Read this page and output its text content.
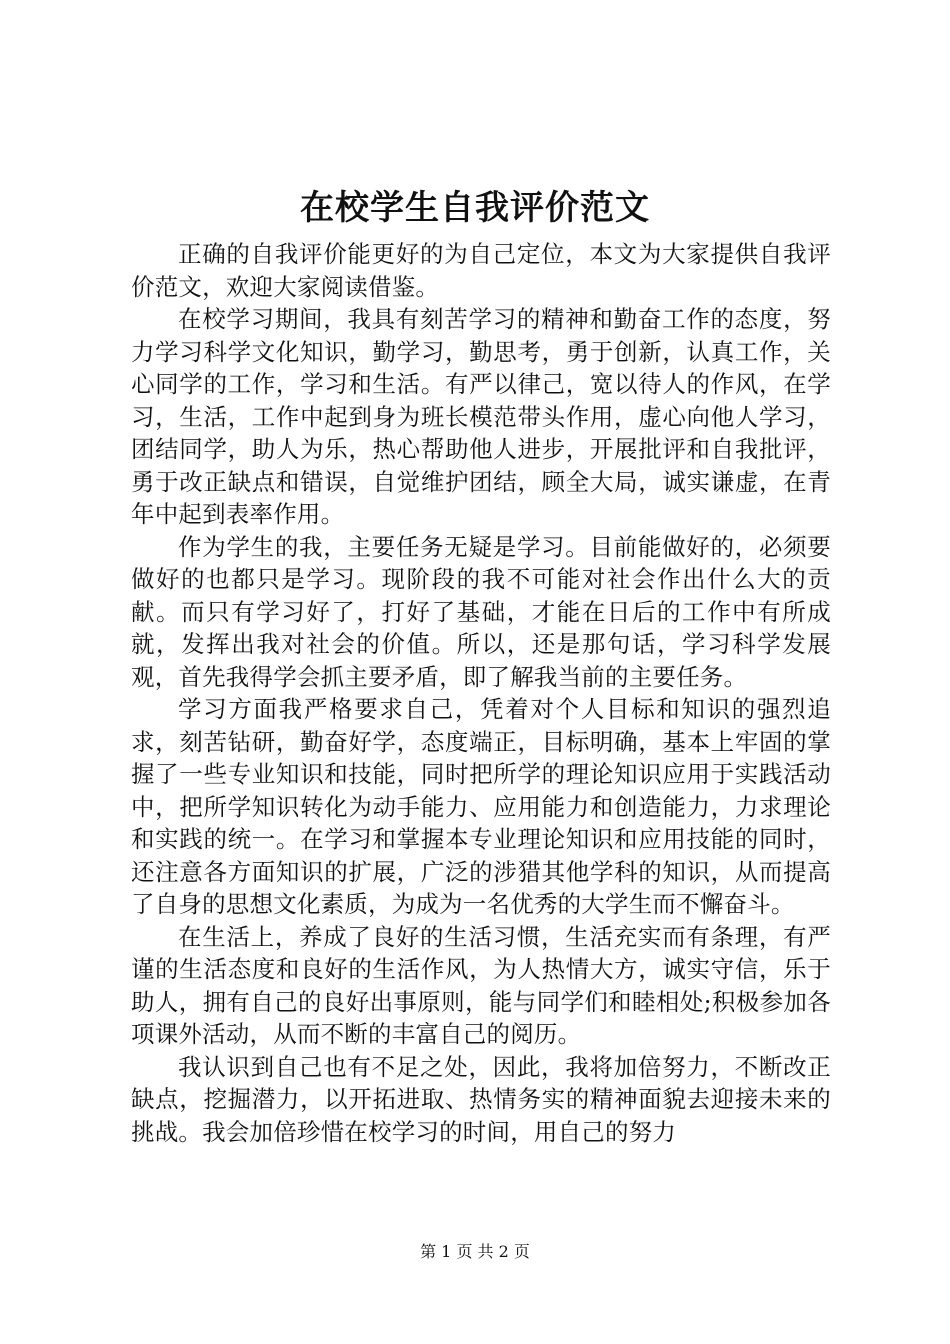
在校学生自我评价范文

正确的自我评价能更好的为自己定位，本文为大家提供自我评价范文，欢迎大家阅读借鉴。

在校学习期间，我具有刻苦学习的精神和勤奋工作的态度，努力学习科学文化知识，勤学习，勤思考，勇于创新，认真工作，关心同学的工作，学习和生活。有严以律己，宽以待人的作风，在学习，生活，工作中起到身为班长模范带头作用，虚心向他人学习，团结同学，助人为乐，热心帮助他人进步，开展批评和自我批评，勇于改正缺点和错误，自觉维护团结，顾全大局，诚实谦虚，在青年中起到表率作用。

作为学生的我，主要任务无疑是学习。目前能做好的，必须要做好的也都只是学习。现阶段的我不可能对社会作出什么大的贡献。而只有学习好了，打好了基础，才能在日后的工作中有所成就，发挥出我对社会的价值。所以，还是那句话，学习科学发展观，首先我得学会抓主要矛盾，即了解我当前的主要任务。

学习方面我严格要求自己，凭着对个人目标和知识的强烈追求，刻苦钻研，勤奋好学，态度端正，目标明确，基本上牢固的掌握了一些专业知识和技能，同时把所学的理论知识应用于实践活动中，把所学知识转化为动手能力、应用能力和创造能力，力求理论和实践的统一。在学习和掌握本专业理论知识和应用技能的同时，还注意各方面知识的扩展，广泛的涉猎其他学科的知识，从而提高了自身的思想文化素质，为成为一名优秀的大学生而不懈奋斗。

在生活上，养成了良好的生活习惯，生活充实而有条理，有严谨的生活态度和良好的生活作风，为人热情大方，诚实守信，乐于助人，拥有自己的良好出事原则，能与同学们和睦相处;积极参加各项课外活动，从而不断的丰富自己的阅历。

我认识到自己也有不足之处，因此，我将加倍努力，不断改正缺点，挖掘潜力，以开拓进取、热情务实的精神面貌去迎接未来的挑战。我会加倍珍惜在校学习的时间，用自己的努力

第 1 页 共 2 页
